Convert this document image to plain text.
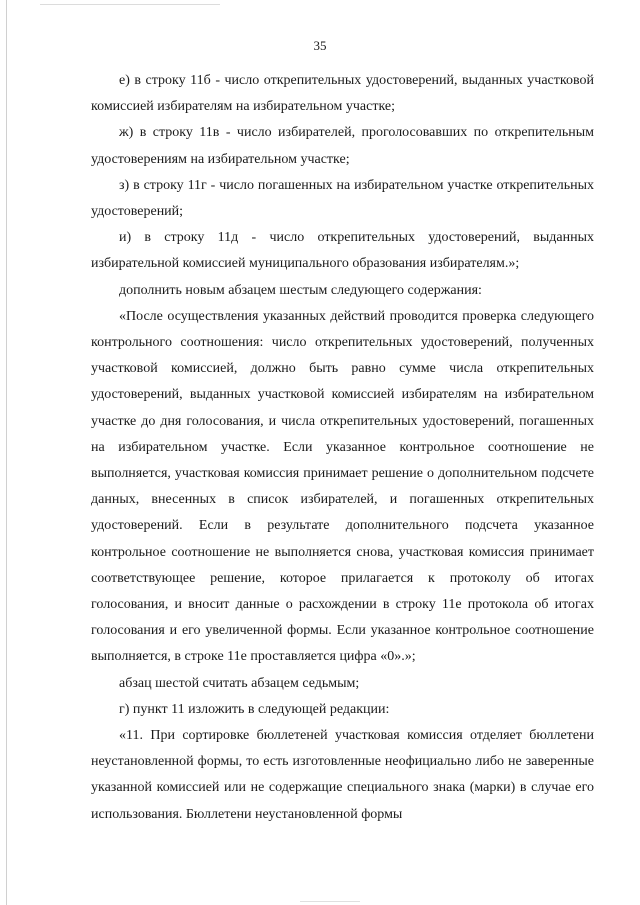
35

е) в строку 11б - число открепительных удостоверений, выданных участковой комиссией избирателям на избирательном участке;

ж) в строку 11в - число избирателей, проголосовавших по открепительным удостоверениям на избирательном участке;

з) в строку 11г - число погашенных на избирательном участке открепительных удостоверений;

и) в строку 11д - число открепительных удостоверений, выданных избирательной комиссией муниципального образования избирателям.»;

дополнить новым абзацем шестым следующего содержания:

«После осуществления указанных действий проводится проверка следующего контрольного соотношения: число открепительных удостоверений, полученных участковой комиссией, должно быть равно сумме числа открепительных удостоверений, выданных участковой комиссией избирателям на избирательном участке до дня голосования, и числа открепительных удостоверений, погашенных на избирательном участке. Если указанное контрольное соотношение не выполняется, участковая комиссия принимает решение о дополнительном подсчете данных, внесенных в список избирателей, и погашенных открепительных удостоверений. Если в результате дополнительного подсчета указанное контрольное соотношение не выполняется снова, участковая комиссия принимает соответствующее решение, которое прилагается к протоколу об итогах голосования, и вносит данные о расхождении в строку 11е протокола об итогах голосования и его увеличенной формы. Если указанное контрольное соотношение выполняется, в строке 11е проставляется цифра «0».»;

абзац шестой считать абзацем седьмым;

г) пункт 11 изложить в следующей редакции:

«11. При сортировке бюллетеней участковая комиссия отделяет бюллетени неустановленной формы, то есть изготовленные неофициально либо не заверенные указанной комиссией или не содержащие специального знака (марки) в случае его использования. Бюллетени неустановленной формы
